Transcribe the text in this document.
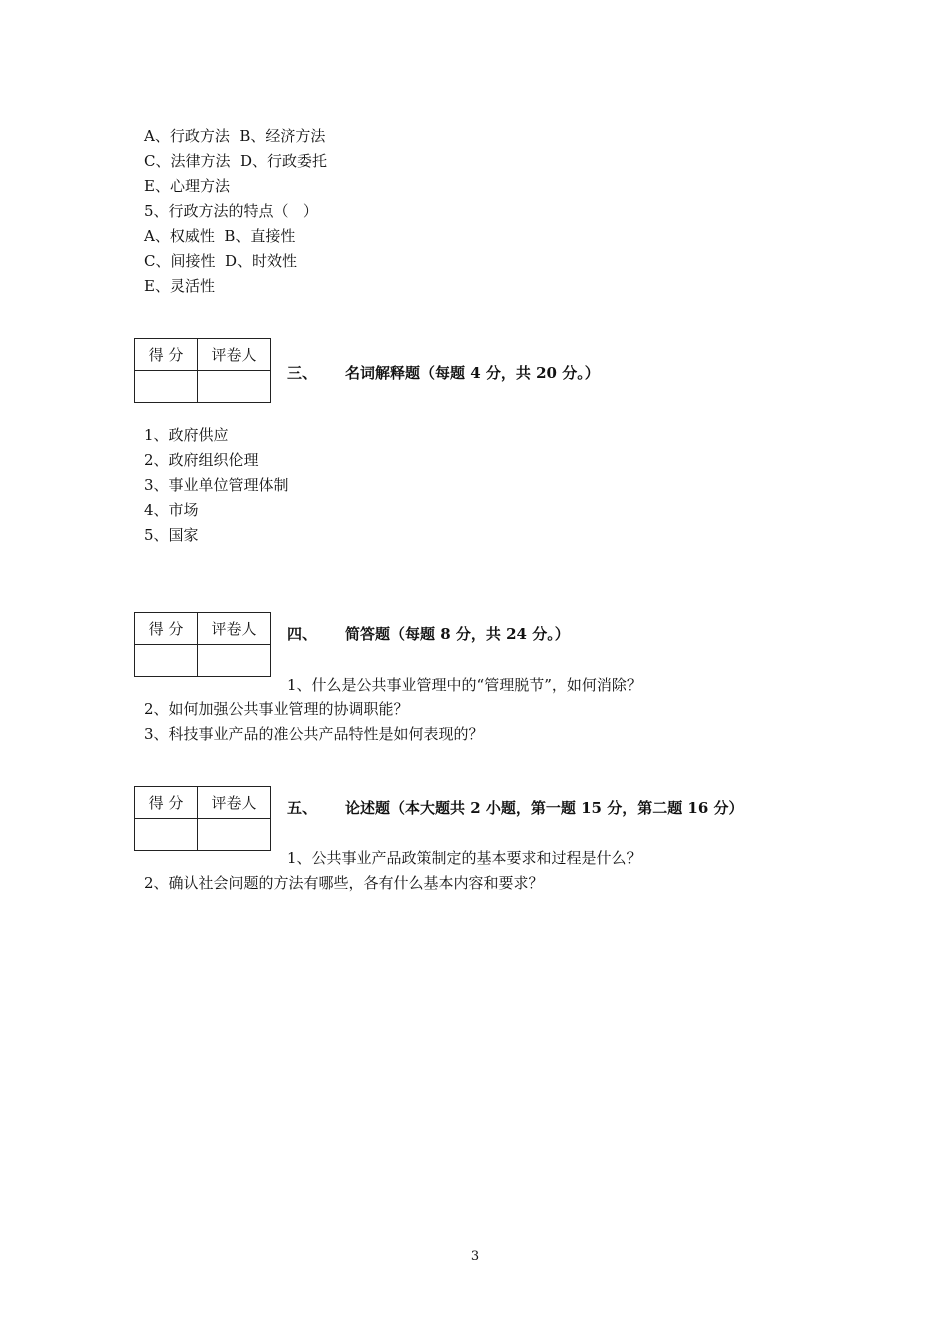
A、行政方法  B、经济方法
C、法律方法  D、行政委托
E、心理方法
5、行政方法的特点（   ）
A、权威性  B、直接性
C、间接性  D、时效性
E、灵活性
得 分	评卷人

三、 名词解释题（每题 4 分，共 20 分。）
1、政府供应
2、政府组织伦理
3、事业单位管理体制
4、市场
5、国家
得 分	评卷人
	四、 简答题（每题 8 分，共 24 分。）
1、什么是公共事业管理中的“管理脱节”，如何消除？
2、如何加强公共事业管理的协调职能？
3、科技事业产品的准公共产品特性是如何表现的？
得 分	评卷人
	五、 论述题（本大题共 2 小题，第一题 15 分，第二题 16 分）
1、公共事业产品政策制定的基本要求和过程是什么？
2、确认社会问题的方法有哪些，各有什么基本内容和要求？
3
